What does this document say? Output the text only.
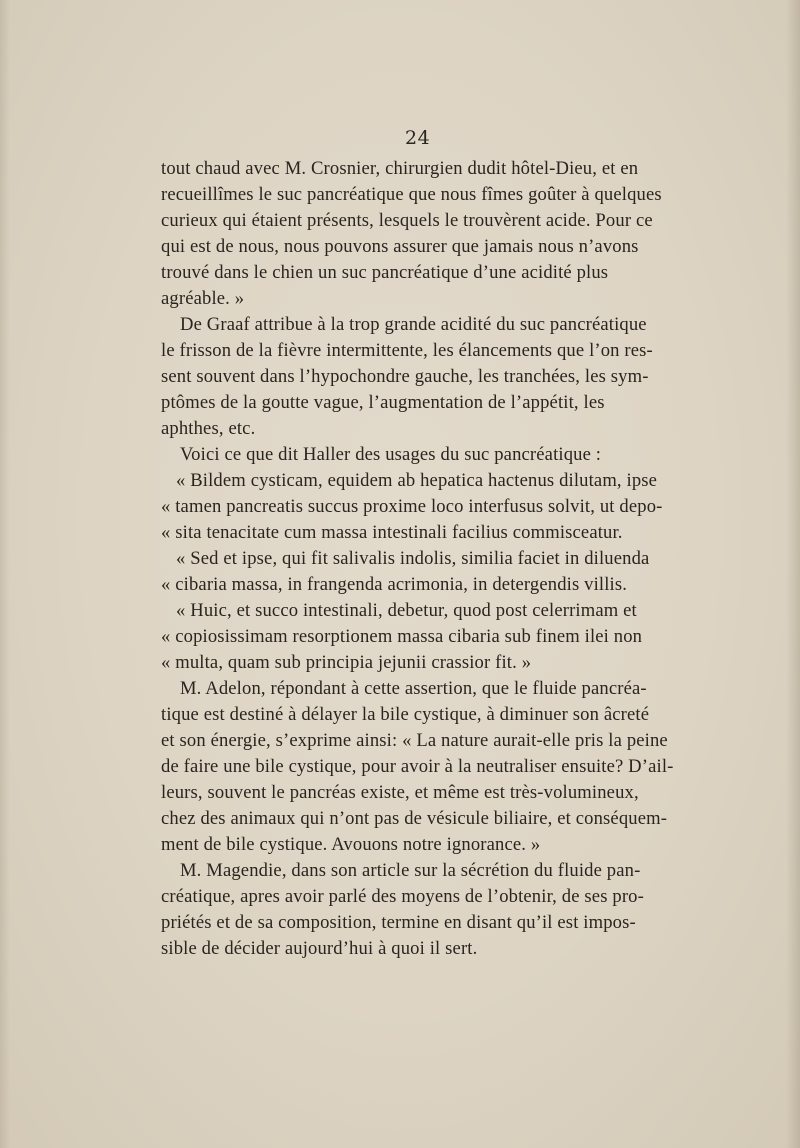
24
tout chaud avec M. Crosnier, chirurgien dudit hôtel-Dieu, et en
recueillîmes le suc pancréatique que nous fîmes goûter à quelques
curieux qui étaient présents, lesquels le trouvèrent acide. Pour ce
qui est de nous, nous pouvons assurer que jamais nous n’avons
trouvé dans le chien un suc pancréatique d’une acidité plus
agréable. »
De Graaf attribue à la trop grande acidité du suc pancréatique
le frisson de la fièvre intermittente, les élancements que l’on res-
sent souvent dans l’hypochondre gauche, les tranchées, les sym-
ptômes de la goutte vague, l’augmentation de l’appétit, les
aphthes, etc.
Voici ce que dit Haller des usages du suc pancréatique :
« Bildem cysticam, equidem ab hepatica hactenus dilutam, ipse
« tamen pancreatis succus proxime loco interfusus solvit, ut depo-
« sita tenacitate cum massa intestinali facilius commisceatur.
« Sed et ipse, qui fit salivalis indolis, similia faciet in diluenda
« cibaria massa, in frangenda acrimonia, in detergendis villis.
« Huic, et succo intestinali, debetur, quod post celerrimam et
« copiosissimam resorptionem massa cibaria sub finem ilei non
« multa, quam sub principia jejunii crassior fit. »
M. Adelon, répondant à cette assertion, que le fluide pancréa-
tique est destiné à délayer la bile cystique, à diminuer son âcreté
et son énergie, s’exprime ainsi: « La nature aurait-elle pris la peine
de faire une bile cystique, pour avoir à la neutraliser ensuite? D’ail-
leurs, souvent le pancréas existe, et même est très-volumineux,
chez des animaux qui n’ont pas de vésicule biliaire, et conséquem-
ment de bile cystique. Avouons notre ignorance. »
M. Magendie, dans son article sur la sécrétion du fluide pan-
créatique, apres avoir parlé des moyens de l’obtenir, de ses pro-
priétés et de sa composition, termine en disant qu’il est impos-
sible de décider aujourd’hui à quoi il sert.
